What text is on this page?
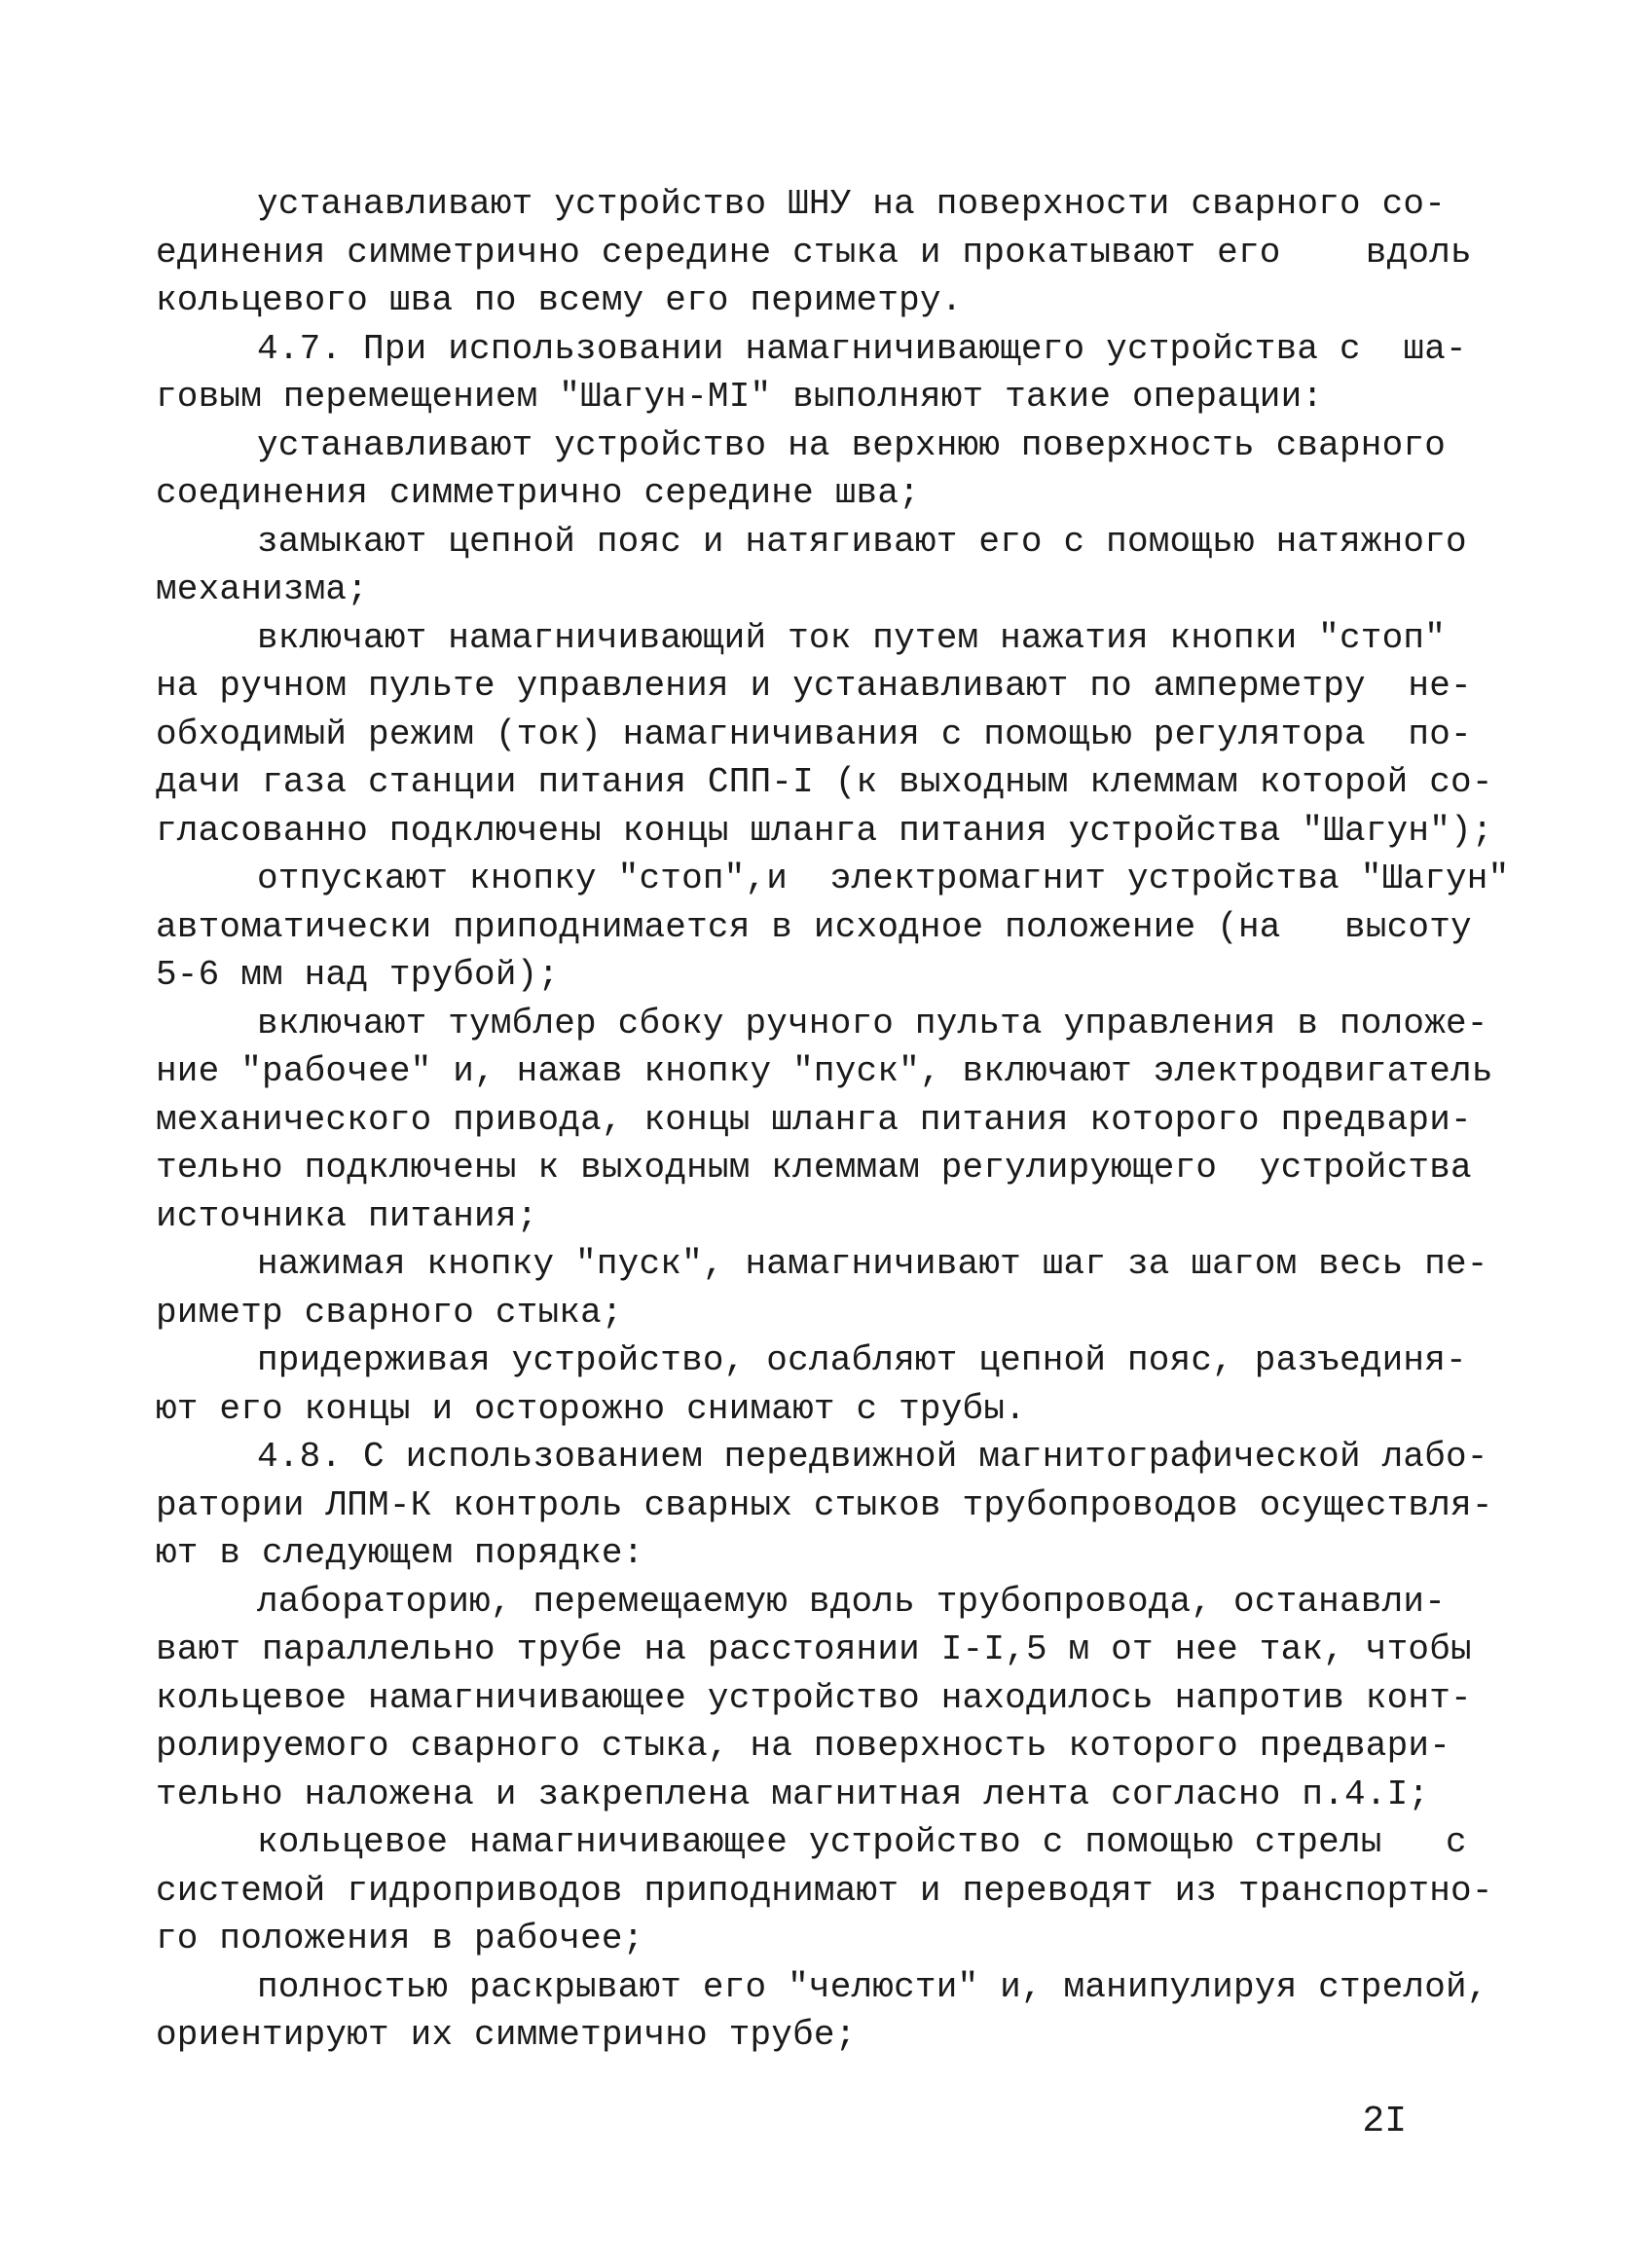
устанавливают устройство ШНУ на поверхности сварного со-
единения симметрично середине стыка и прокатывают его    вдоль
кольцевого шва по всему его периметру.
4.7. При использовании намагничивающего устройства с  ша-
говым перемещением "Шагун-МI" выполняют такие операции:
устанавливают устройство на верхнюю поверхность сварного
соединения симметрично середине шва;
замыкают цепной пояс и натягивают его с помощью натяжного
механизма;
включают намагничивающий ток путем нажатия кнопки "стоп"
на ручном пульте управления и устанавливают по амперметру  не-
обходимый режим (ток) намагничивания с помощью регулятора  по-
дачи газа станции питания СПП-I (к выходным клеммам которой со-
гласованно подключены концы шланга питания устройства "Шагун");
отпускают кнопку "стоп",и  электромагнит устройства "Шагун"
автоматически приподнимается в исходное положение (на   высоту
5-6 мм над трубой);
включают тумблер сбоку ручного пульта управления в положе-
ние "рабочее" и, нажав кнопку "пуск", включают электродвигатель
механического привода, концы шланга питания которого предвари-
тельно подключены к выходным клеммам регулирующего  устройства
источника питания;
нажимая кнопку "пуск", намагничивают шаг за шагом весь пе-
риметр сварного стыка;
придерживая устройство, ослабляют цепной пояс, разъединя-
ют его концы и осторожно снимают с трубы.
4.8. С использованием передвижной магнитографической лабо-
ратории ЛПМ-К контроль сварных стыков трубопроводов осуществля-
ют в следующем порядке:
лабораторию, перемещаемую вдоль трубопровода, останавли-
вают параллельно трубе на расстоянии I-I,5 м от нее так, чтобы
кольцевое намагничивающее устройство находилось напротив конт-
ролируемого сварного стыка, на поверхность которого предвари-
тельно наложена и закреплена магнитная лента согласно п.4.I;
кольцевое намагничивающее устройство с помощью стрелы   с
системой гидроприводов приподнимают и переводят из транспортно-
го положения в рабочее;
полностью раскрывают его "челюсти" и, манипулируя стрелой,
ориентируют их симметрично трубе;
2I
